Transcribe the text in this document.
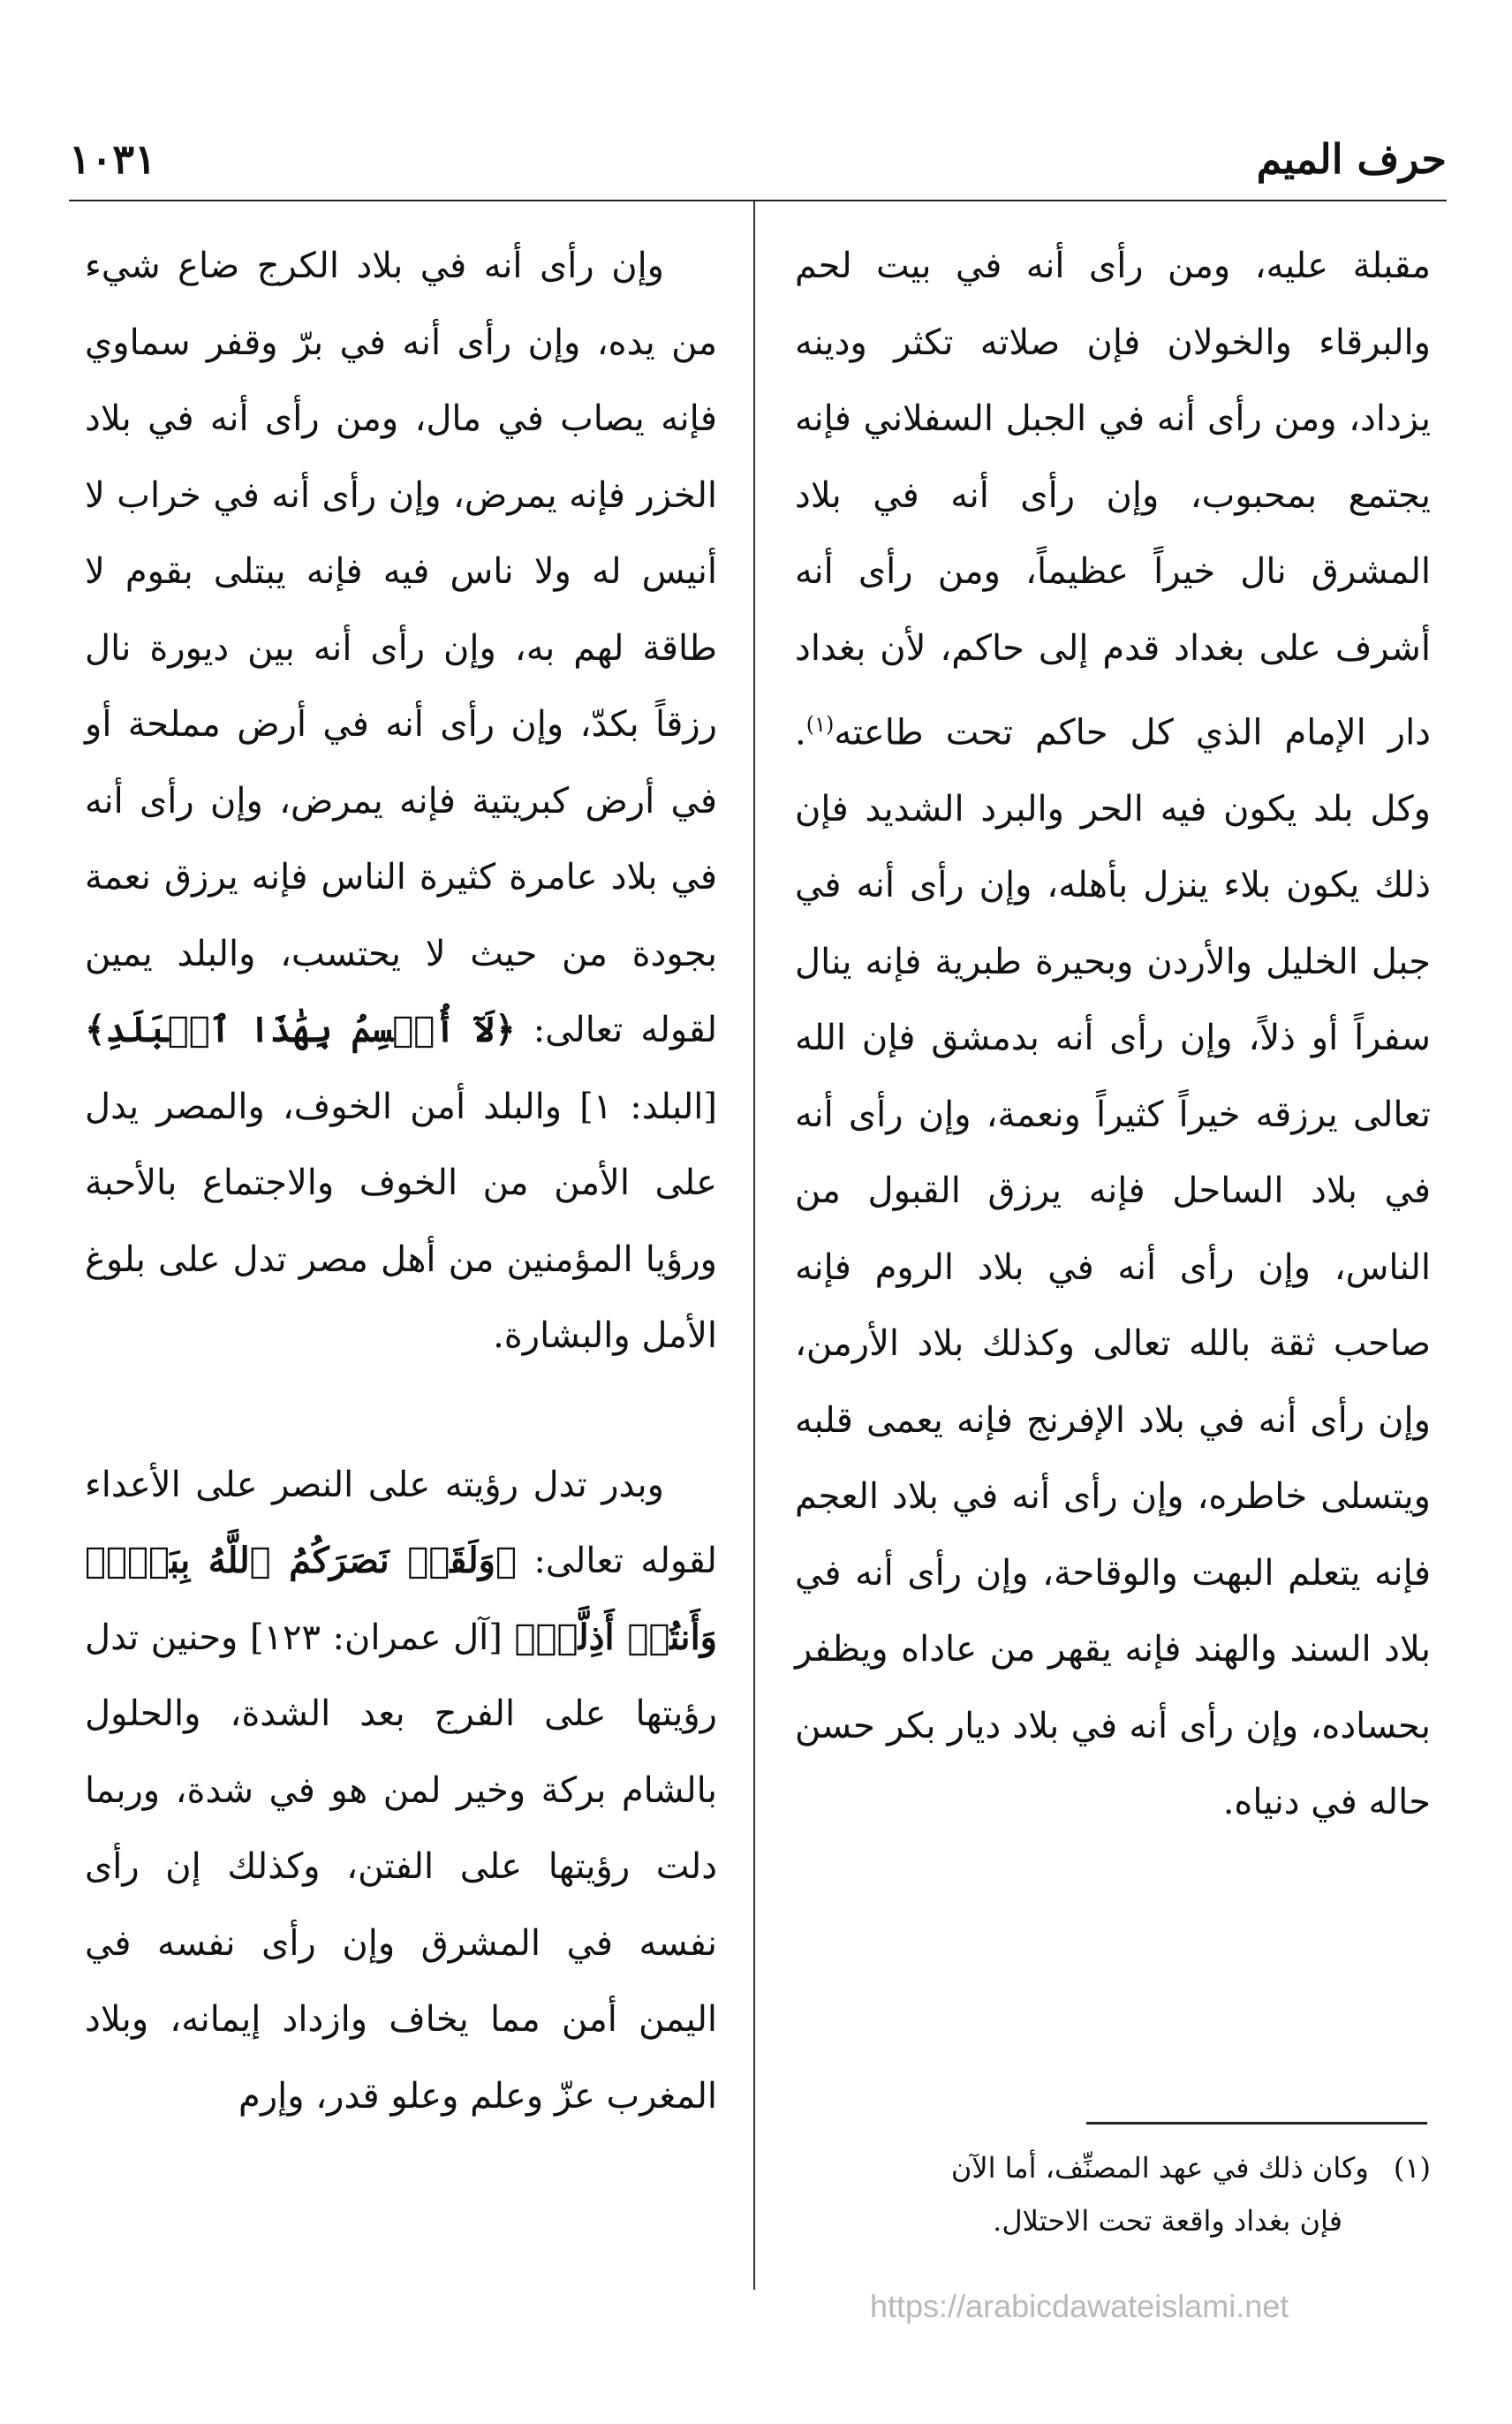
حرف الميم
١٠٣١

مقبلة عليه، ومن رأى أنه في بيت لحم والبرقاء والخولان فإن صلاته تكثر ودينه يزداد، ومن رأى أنه في الجبل السفلاني فإنه يجتمع بمحبوب، وإن رأى أنه في بلاد المشرق نال خيراً عظيماً، ومن رأى أنه أشرف على بغداد قدم إلى حاكم، لأن بغداد دار الإمام الذي كل حاكم تحت طاعته$^{(١)}$. وكل بلد يكون فيه الحر والبرد الشديد فإن ذلك يكون بلاء ينزل بأهله، وإن رأى أنه في جبل الخليل والأردن وبحيرة طبرية فإنه ينال سفراً أو ذلاً، وإن رأى أنه بدمشق فإن الله تعالى يرزقه خيراً كثيراً ونعمة، وإن رأى أنه في بلاد الساحل فإنه يرزق القبول من الناس، وإن رأى أنه في بلاد الروم فإنه صاحب ثقة بالله تعالى وكذلك بلاد الأرمن، وإن رأى أنه في بلاد الإفرنج فإنه يعمى قلبه ويتسلى خاطره، وإن رأى أنه في بلاد العجم فإنه يتعلم البهت والوقاحة، وإن رأى أنه في بلاد السند والهند فإنه يقهر من عاداه ويظفر بحساده، وإن رأى أنه في بلاد ديار بكر حسن حاله في دنياه.

وإن رأى أنه في بلاد الكرج ضاع شيء من يده، وإن رأى أنه في برّ وقفر سماوي فإنه يصاب في مال، ومن رأى أنه في بلاد الخزر فإنه يمرض، وإن رأى أنه في خراب لا أنيس له ولا ناس فيه فإنه يبتلى بقوم لا طاقة لهم به، وإن رأى أنه بين ديورة نال رزقاً بكدّ، وإن رأى أنه في أرض مملحة أو في أرض كبريتية فإنه يمرض، وإن رأى أنه في بلاد عامرة كثيرة الناس فإنه يرزق نعمة بجودة من حيث لا يحتسب، والبلد يمين لقوله تعالى: ﴿لَآ أُقۡسِمُ بِهَٰذَا ٱلۡبَلَدِ﴾ [البلد: ١] والبلد أمن الخوف، والمصر يدل على الأمن من الخوف والاجتماع بالأحبة ورؤيا المؤمنين من أهل مصر تدل على بلوغ الأمل والبشارة.

وبدر تدل رؤيته على النصر على الأعداء لقوله تعالى: ﴿وَلَقَدۡ نَصَرَكُمُ ٱللَّهُ بِبَدۡرٖ وَأَنتُمۡ أَذِلَّةٞ﴾ [آل عمران: ١٢٣] وحنين تدل رؤيتها على الفرج بعد الشدة، والحلول بالشام بركة وخير لمن هو في شدة، وربما دلت رؤيتها على الفتن، وكذلك إن رأى نفسه في المشرق وإن رأى نفسه في اليمن أمن مما يخاف وازداد إيمانه، وبلاد المغرب عزّ وعلم وعلو قدر، وإرم

(١) وكان ذلك في عهد المصنِّف، أما الآن
فإن بغداد واقعة تحت الاحتلال.
https://arabicdawateislami.net
